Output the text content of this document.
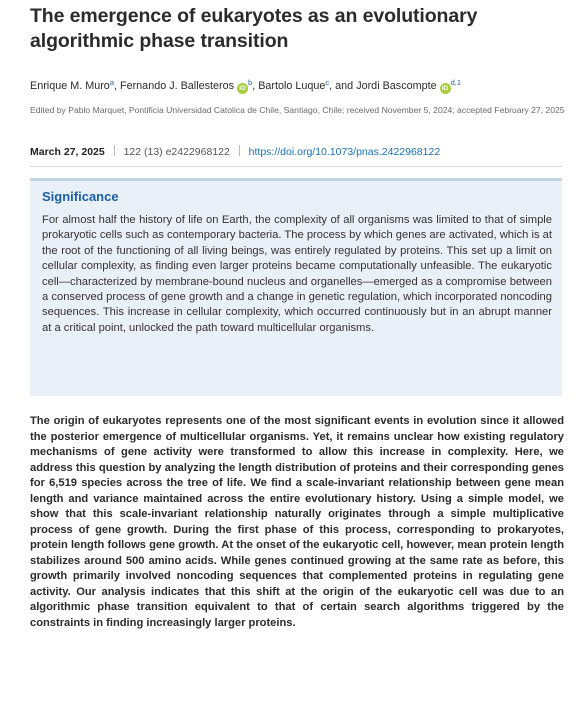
The emergence of eukaryotes as an evolutionary algorithmic phase transition
Enrique M. Muro$^a$, Fernando J. Ballesteros $iD^b$, Bartolo Luque$^c$, and Jordi Bascompte iD$^{d,1}$
Edited by Pablo Marquet, Pontificia Universidad Catolica de Chile, Santiago, Chile; received November 5, 2024; accepted February 27, 2025
March 27, 2025 122 (13) e2422968122 https://doi.org/10.1073/pnas.2422968122
Significance
For almost half the history of life on Earth, the complexity of all organisms was limited to that of simple prokaryotic cells such as contemporary bacteria. The process by which genes are activated, which is at the root of the functioning of all living beings, was entirely regulated by proteins. This set up a limit on cellular complexity, as finding even larger proteins became computationally unfeasible. The eukaryotic cell—characterized by membrane-bound nucleus and organelles—emerged as a compromise between a conserved process of gene growth and a change in genetic regulation, which incorporated noncoding sequences. This increase in cellular complexity, which occurred continuously but in an abrupt manner at a critical point, unlocked the path toward multicellular organisms.
The origin of eukaryotes represents one of the most significant events in evolution since it allowed the posterior emergence of multicellular organisms. Yet, it remains unclear how existing regulatory mechanisms of gene activity were transformed to allow this increase in complexity. Here, we address this question by analyzing the length distribution of proteins and their corresponding genes for 6,519 species across the tree of life. We find a scale-invariant relationship between gene mean length and variance maintained across the entire evolutionary history. Using a simple model, we show that this scale-invariant relationship naturally originates through a simple multiplicative process of gene growth. During the first phase of this process, corresponding to prokaryotes, protein length follows gene growth. At the onset of the eukaryotic cell, however, mean protein length stabilizes around 500 amino acids. While genes continued growing at the same rate as before, this growth primarily involved noncoding sequences that complemented proteins in regulating gene activity. Our analysis indicates that this shift at the origin of the eukaryotic cell was due to an algorithmic phase transition equivalent to that of certain search algorithms triggered by the constraints in finding increasingly larger proteins.
